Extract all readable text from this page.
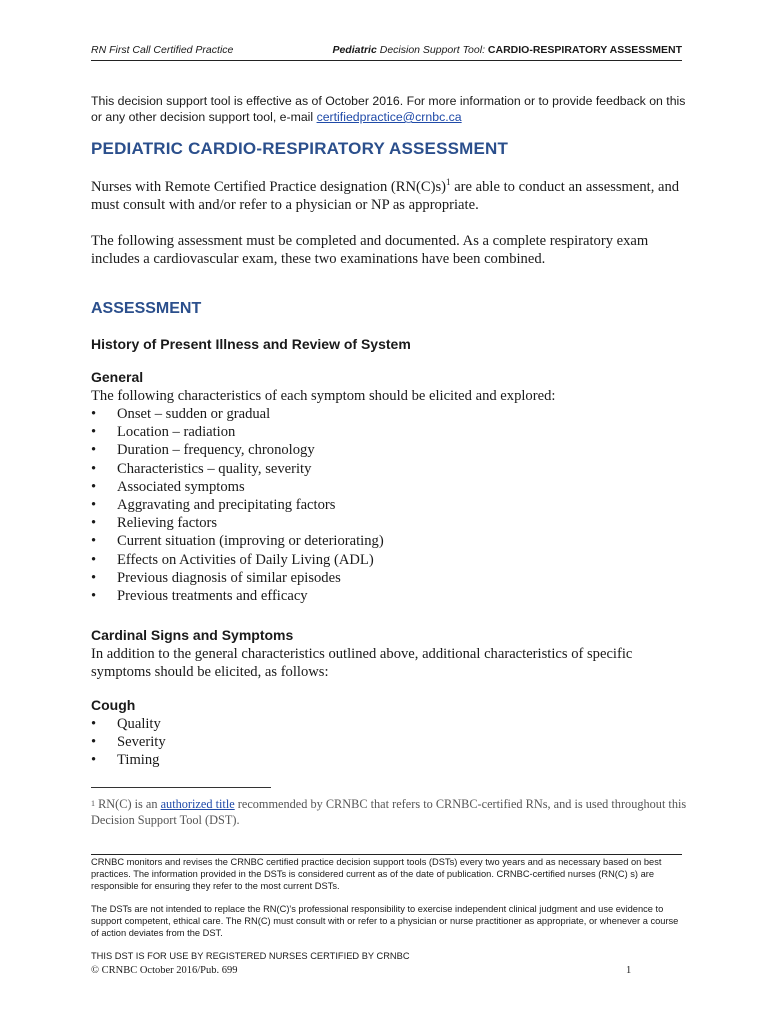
RN First Call Certified Practice	Pediatric Decision Support Tool: CARDIO-RESPIRATORY ASSESSMENT

This decision support tool is effective as of October 2016. For more information or to provide feedback on this or any other decision support tool, e-mail certifiedpractice@crnbc.ca

PEDIATRIC CARDIO-RESPIRATORY ASSESSMENT

Nurses with Remote Certified Practice designation $(RN(C)s)^1$ are able to conduct an assessment, and must consult with and/or refer to a physician or NP as appropriate.

The following assessment must be completed and documented. As a complete respiratory exam includes a cardiovascular exam, these two examinations have been combined.

ASSESSMENT
History of Present Illness and Review of System
General

The following characteristics of each symptom should be elicited and explored:

• Onset – sudden or gradual
• Location – radiation
• Duration – frequency, chronology
• Characteristics – quality, severity
• Associated symptoms
• Aggravating and precipitating factors
• Relieving factors
• Current situation (improving or deteriorating)
• Effects on Activities of Daily Living (ADL)
• Previous diagnosis of similar episodes
• Previous treatments and efficacy
Cardinal Signs and Symptoms

In addition to the general characteristics outlined above, additional characteristics of specific symptoms should be elicited, as follows:

Cough
• Quality
• Severity
• Timing

$^1$ RN(C) is an authorized title recommended by CRNBC that refers to CRNBC-certified RNs, and is used throughout this Decision Support Tool (DST).

CRNBC monitors and revises the CRNBC certified practice decision support tools (DSTs) every two years and as necessary based on best practices. The information provided in the DSTs is considered current as of the date of publication. CRNBC-certified nurses (RN(C) s) are responsible for ensuring they refer to the most current DSTs.

The DSTs are not intended to replace the RN(C)'s professional responsibility to exercise independent clinical judgment and use evidence to support competent, ethical care. The RN(C) must consult with or refer to a physician or nurse practitioner as appropriate, or whenever a course of action deviates from the DST.

THIS DST IS FOR USE BY REGISTERED NURSES CERTIFIED BY CRNBC

© CRNBC October 2016/Pub. 699	1
